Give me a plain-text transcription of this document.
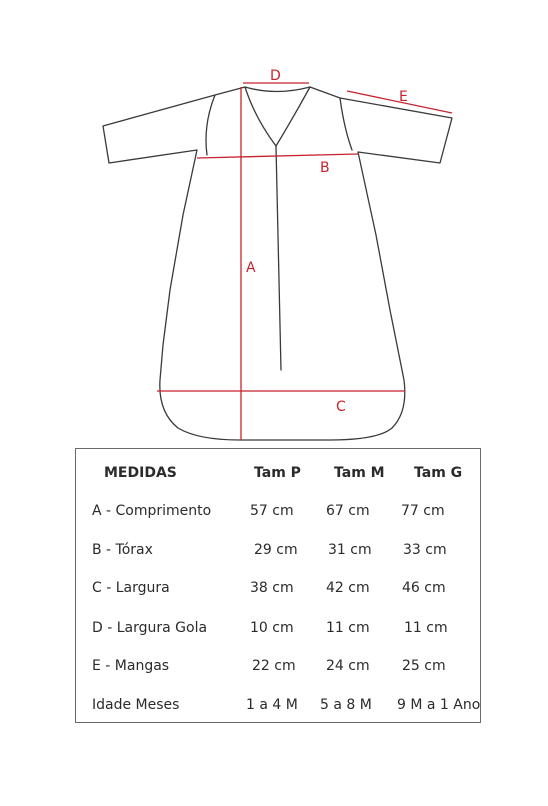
A
B
C
D
E
MEDIDAS	Tam P Tam M Tam G
A - Comprimento	57 cm 67 cm 77 cm
B - Tórax	29 cm 31 cm 33 cm
C - Largura	38 cm 42 cm 46 cm
D - Largura Gola	10 cm 11 cm 11 cm
E - Mangas	22 cm 24 cm 25 cm
Idade Meses	1 a 4 M 5 a 8 M 9 M a 1 Ano
